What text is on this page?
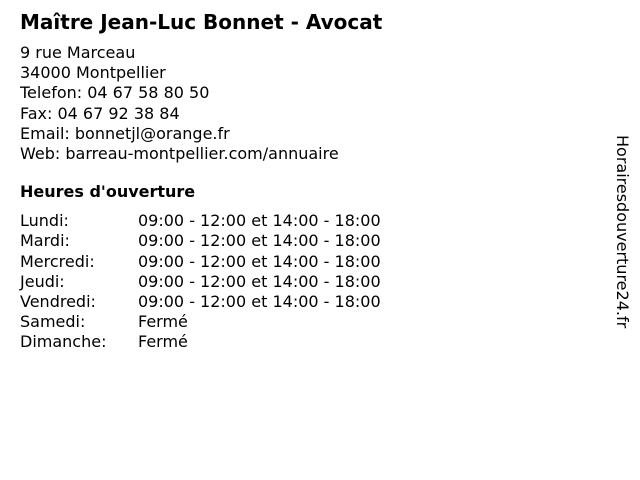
Maître Jean-Luc Bonnet - Avocat
9 rue Marceau
34000 Montpellier
Telefon: 04 67 58 80 50
Fax: 04 67 92 38 84
Email: bonnetjl@orange.fr
Web: barreau-montpellier.com/annuaire
Heures d'ouverture
Lundi:	09:00 - 12:00 et 14:00 - 18:00
Mardi:	09:00 - 12:00 et 14:00 - 18:00
Mercredi:	09:00 - 12:00 et 14:00 - 18:00
Jeudi:	09:00 - 12:00 et 14:00 - 18:00
Vendredi:	09:00 - 12:00 et 14:00 - 18:00
Samedi:	Fermé
Dimanche:	Fermé
Horairesdouverture24.fr
